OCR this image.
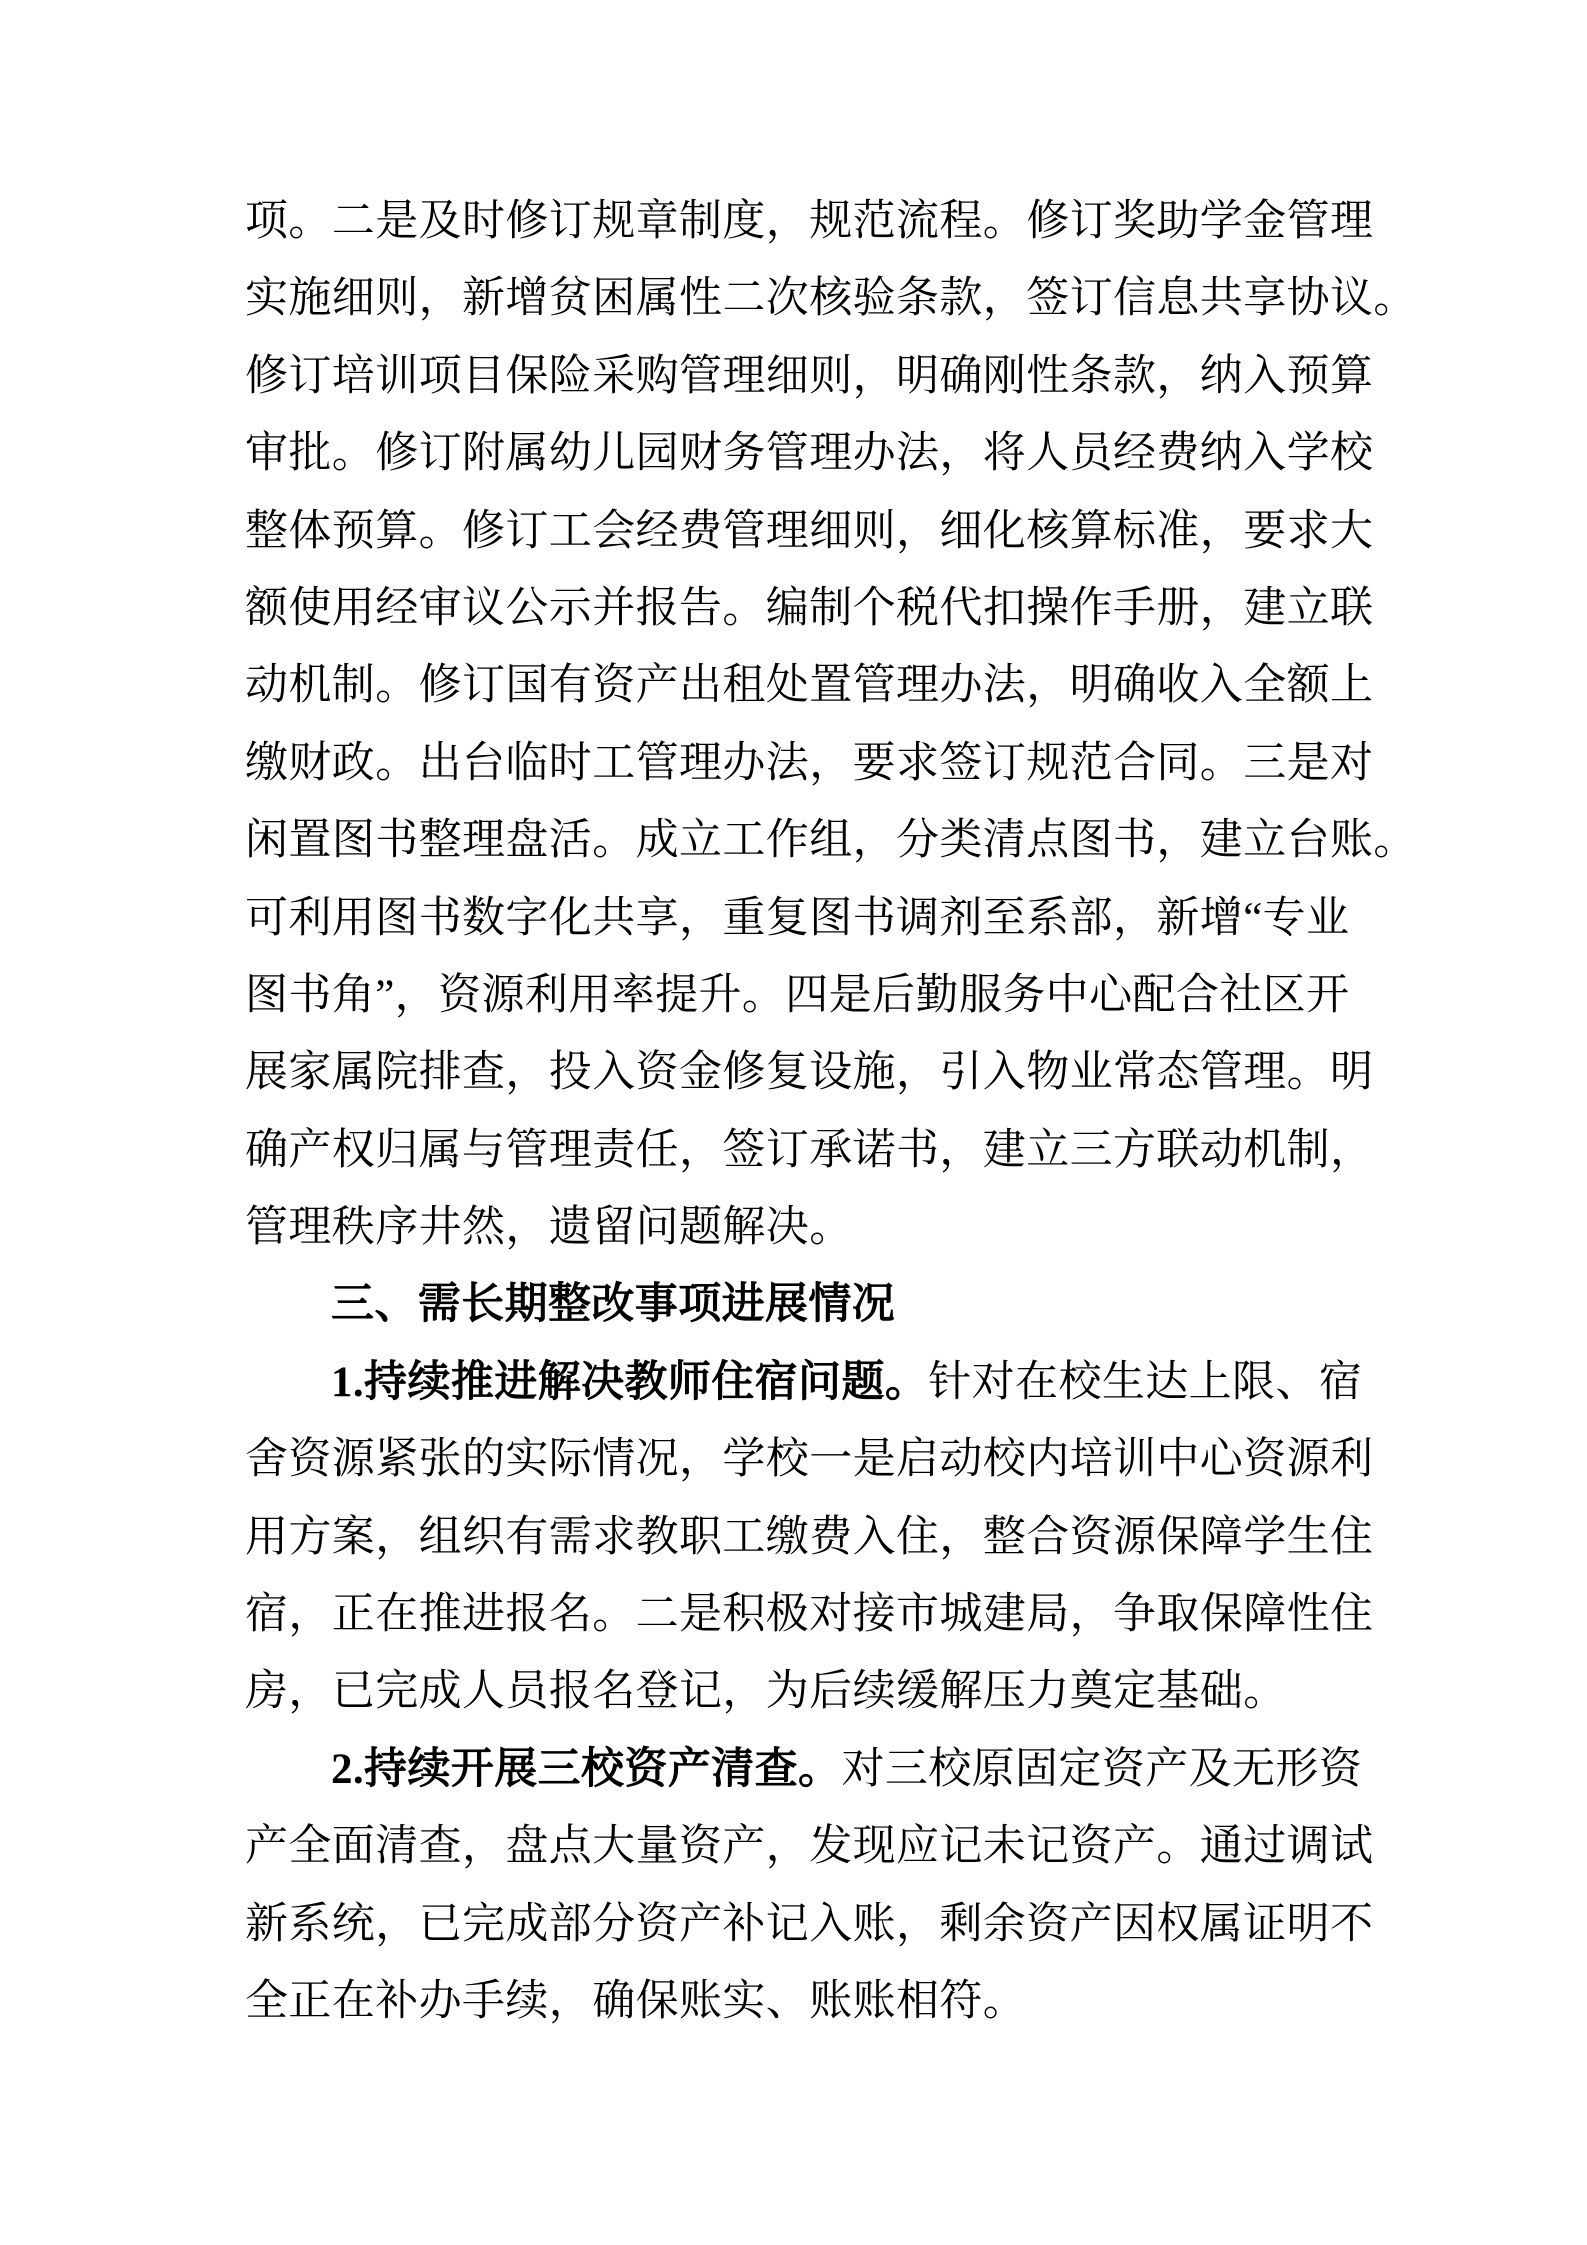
项。二是及时修订规章制度，规范流程。修订奖助学金管理
实施细则，新增贫困属性二次核验条款，签订信息共享协议。
修订培训项目保险采购管理细则，明确刚性条款，纳入预算
审批。修订附属幼儿园财务管理办法，将人员经费纳入学校
整体预算。修订工会经费管理细则，细化核算标准，要求大
额使用经审议公示并报告。编制个税代扣操作手册，建立联
动机制。修订国有资产出租处置管理办法，明确收入全额上
缴财政。出台临时工管理办法，要求签订规范合同。三是对
闲置图书整理盘活。成立工作组，分类清点图书，建立台账。
可利用图书数字化共享，重复图书调剂至系部，新增“专业
图书角”，资源利用率提升。四是后勤服务中心配合社区开
展家属院排查，投入资金修复设施，引入物业常态管理。明
确产权归属与管理责任，签订承诺书，建立三方联动机制，
管理秩序井然，遗留问题解决。
三、需长期整改事项进展情况
1.持续推进解决教师住宿问题。针对在校生达上限、宿
舍资源紧张的实际情况，学校一是启动校内培训中心资源利
用方案，组织有需求教职工缴费入住，整合资源保障学生住
宿，正在推进报名。二是积极对接市城建局，争取保障性住
房，已完成人员报名登记，为后续缓解压力奠定基础。
2.持续开展三校资产清查。对三校原固定资产及无形资
产全面清查，盘点大量资产，发现应记未记资产。通过调试
新系统，已完成部分资产补记入账，剩余资产因权属证明不
全正在补办手续，确保账实、账账相符。
